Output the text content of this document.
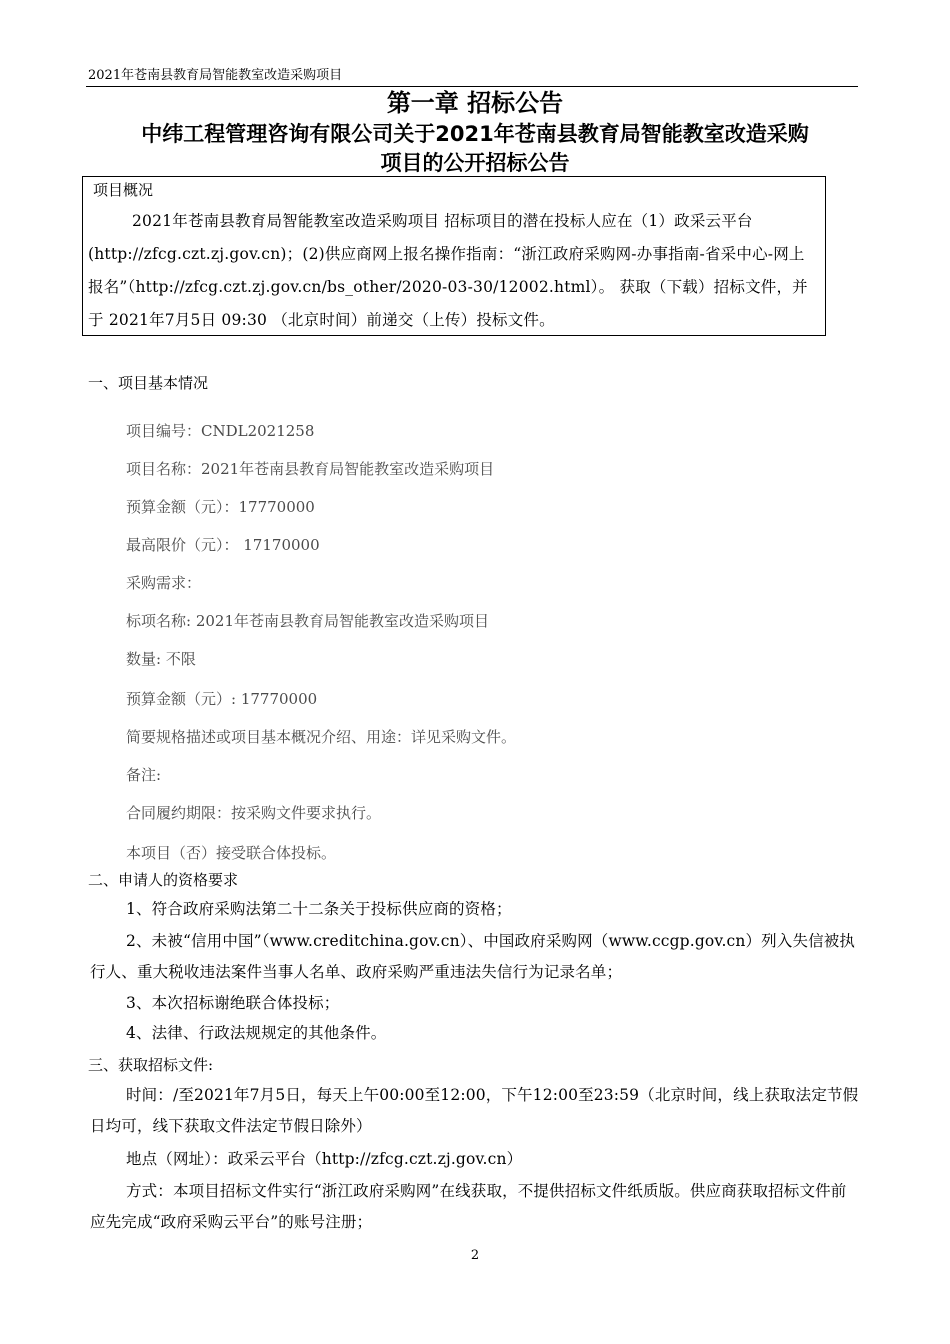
2021年苍南县教育局智能教室改造采购项目
第一章 招标公告
中纬工程管理咨询有限公司关于2021年苍南县教育局智能教室改造采购
项目的公开招标公告
项目概况
2021年苍南县教育局智能教室改造采购项目 招标项目的潜在投标人应在（1）政采云平台(http://zfcg.czt.zj.gov.cn)；(2)供应商网上报名操作指南：“浙江政府采购网-办事指南-省采中心-网上报名”（http://zfcg.czt.zj.gov.cn/bs_other/2020-03-30/12002.html）。 获取（下载）招标文件，并于 2021年7月5日 09:30 （北京时间）前递交（上传）投标文件。
一、项目基本情况
项目编号：CNDL2021258
项目名称：2021年苍南县教育局智能教室改造采购项目
预算金额（元）：17770000
最高限价（元）： 17170000
采购需求：
标项名称: 2021年苍南县教育局智能教室改造采购项目
数量: 不限
预算金额（元）: 17770000
简要规格描述或项目基本概况介绍、用途：详见采购文件。
备注:
合同履约期限：按采购文件要求执行。
本项目（否）接受联合体投标。
二、申请人的资格要求
1、符合政府采购法第二十二条关于投标供应商的资格；
2、未被“信用中国”（www.creditchina.gov.cn）、中国政府采购网（www.ccgp.gov.cn）列入失信被执行人、重大税收违法案件当事人名单、政府采购严重违法失信行为记录名单；
3、本次招标谢绝联合体投标；
4、法律、行政法规规定的其他条件。
三、获取招标文件:
时间：/至2021年7月5日，每天上午00:00至12:00，下午12:00至23:59（北京时间，线上获取法定节假日均可，线下获取文件法定节假日除外）
地点（网址）：政采云平台（http://zfcg.czt.zj.gov.cn）
方式：本项目招标文件实行“浙江政府采购网”在线获取，不提供招标文件纸质版。供应商获取招标文件前应先完成“政府采购云平台”的账号注册；
2
